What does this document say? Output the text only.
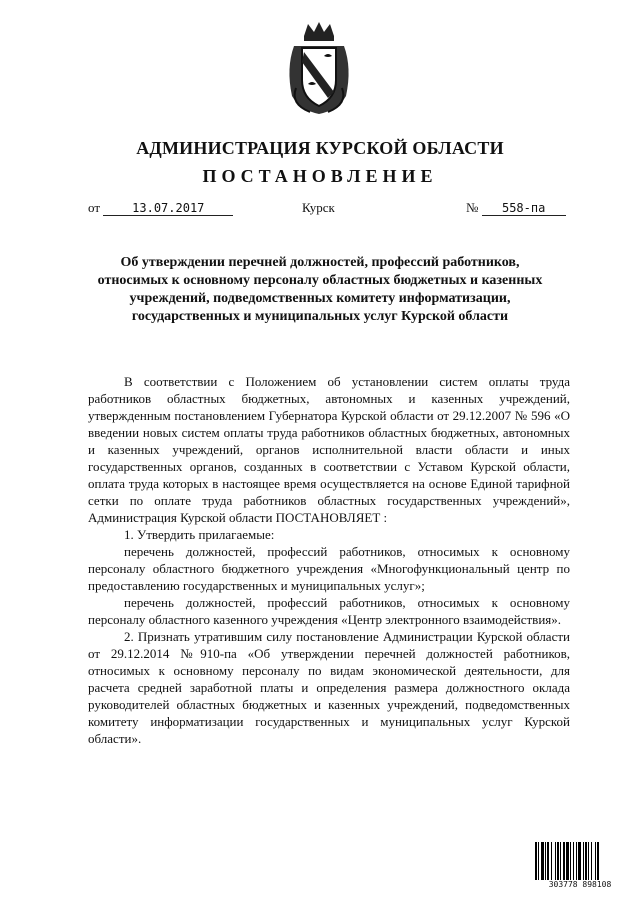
АДМИНИСТРАЦИЯ КУРСКОЙ ОБЛАСТИ
ПОСТАНОВЛЕНИЕ
от	13.07.2017	Курск	№ 558-па
Об утверждении перечней должностей, профессий работников,
относимых к основному персоналу областных бюджетных и казенных
учреждений, подведомственных комитету информатизации,
государственных и муниципальных услуг Курской области

В соответствии с Положением об установлении систем оплаты труда работников областных бюджетных, автономных и казенных учреждений, утвержденным постановлением Губернатора Курской области от 29.12.2007 № 596 «О введении новых систем оплаты труда работников областных бюджетных, автономных и казенных учреждений, органов исполнительной власти области и иных государственных органов, созданных в соответствии с Уставом Курской области, оплата труда которых в настоящее время осуществляется на основе Единой тарифной сетки по оплате труда работников областных государственных учреждений», Администрация Курской области ПОСТАНОВЛЯЕТ :

1. Утвердить прилагаемые:

перечень должностей, профессий работников, относимых к основному персоналу областного бюджетного учреждения «Многофункциональный центр по предоставлению государственных и муниципальных услуг»;

перечень должностей, профессий работников, относимых к основному персоналу областного казенного учреждения «Центр электронного взаимодействия».

2. Признать утратившим силу постановление Администрации Курской области от 29.12.2014 №910-па «Об утверждении перечней должностей работников, относимых к основному персоналу по видам экономической деятельности, для расчета средней заработной платы и определения размера должностного оклада руководителей областных бюджетных и казенных учреждений, подведомственных комитету информатизации государственных и муниципальных услуг Курской области».

303778 898108
